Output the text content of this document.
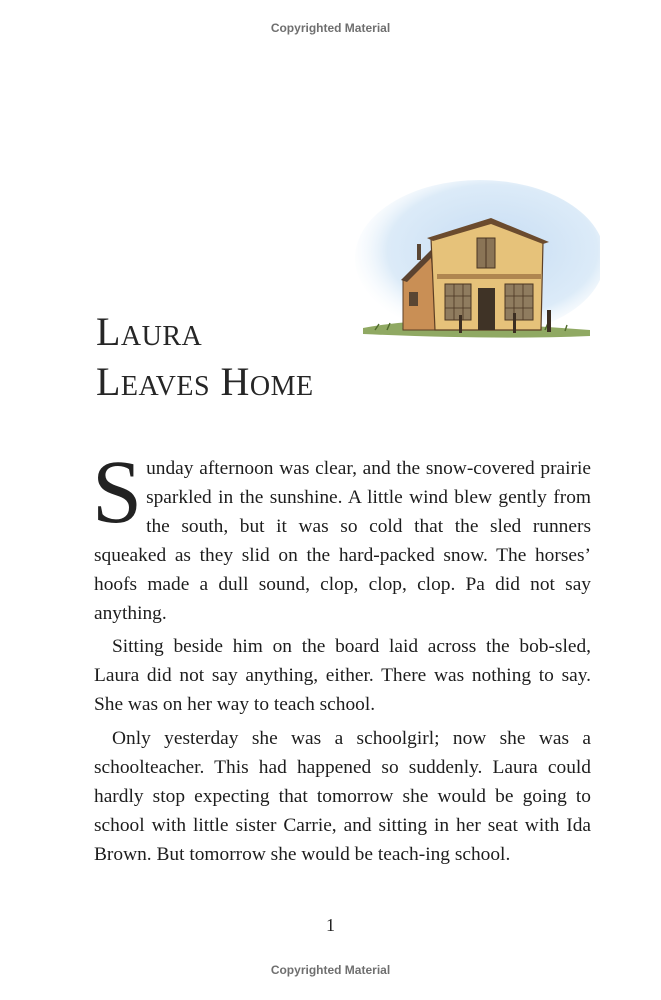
Copyrighted Material
Laura
Leaves Home

Sunday afternoon was clear, and the snow-covered prairie sparkled in the sunshine. A little wind blew gently from the south, but it was so cold that the sled runners squeaked as they slid on the hard-packed snow. The horses’ hoofs made a dull sound, clop, clop, clop. Pa did not say anything.

Sitting beside him on the board laid across the bob-sled, Laura did not say anything, either. There was nothing to say. She was on her way to teach school.

Only yesterday she was a schoolgirl; now she was a schoolteacher. This had happened so suddenly. Laura could hardly stop expecting that tomorrow she would be going to school with little sister Carrie, and sitting in her seat with Ida Brown. But tomorrow she would be teach-ing school.

1
Copyrighted Material
